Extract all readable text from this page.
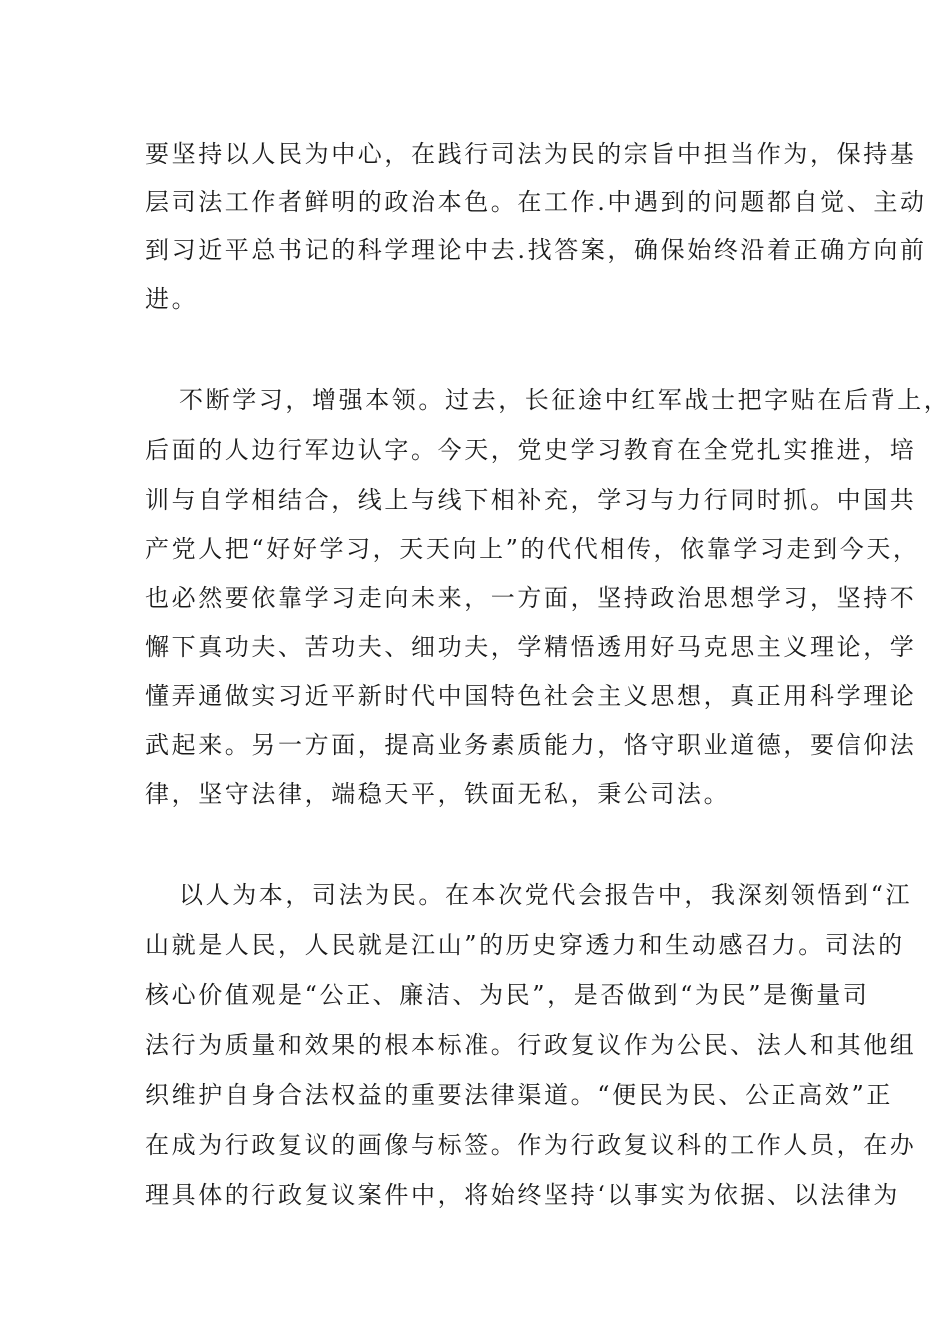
要坚持以人民为中心，在践行司法为民的宗旨中担当作为，保持基
层司法工作者鲜明的政治本色。在工作.中遇到的问题都自觉、主动
到习近平总书记的科学理论中去.找答案，确保始终沿着正确方向前
进。
不断学习，增强本领。过去，长征途中红军战士把字贴在后背上，
后面的人边行军边认字。今天，党史学习教育在全党扎实推进，培
训与自学相结合，线上与线下相补充，学习与力行同时抓。中国共
产党人把“好好学习，天天向上”的代代相传，依靠学习走到今天，
也必然要依靠学习走向未来，一方面，坚持政治思想学习，坚持不
懈下真功夫、苦功夫、细功夫，学精悟透用好马克思主义理论，学
懂弄通做实习近平新时代中国特色社会主义思想，真正用科学理论
武起来。另一方面，提高业务素质能力，恪守职业道德，要信仰法
律，坚守法律，端稳天平，铁面无私，秉公司法。
以人为本，司法为民。在本次党代会报告中，我深刻领悟到“江
山就是人民，人民就是江山”的历史穿透力和生动感召力。司法的
核心价值观是“公正、廉洁、为民”，是否做到“为民”是衡量司
法行为质量和效果的根本标准。行政复议作为公民、法人和其他组
织维护自身合法权益的重要法律渠道。“便民为民、公正高效”正
在成为行政复议的画像与标签。作为行政复议科的工作人员，在办
理具体的行政复议案件中，将始终坚持‘以事实为依据、以法律为
